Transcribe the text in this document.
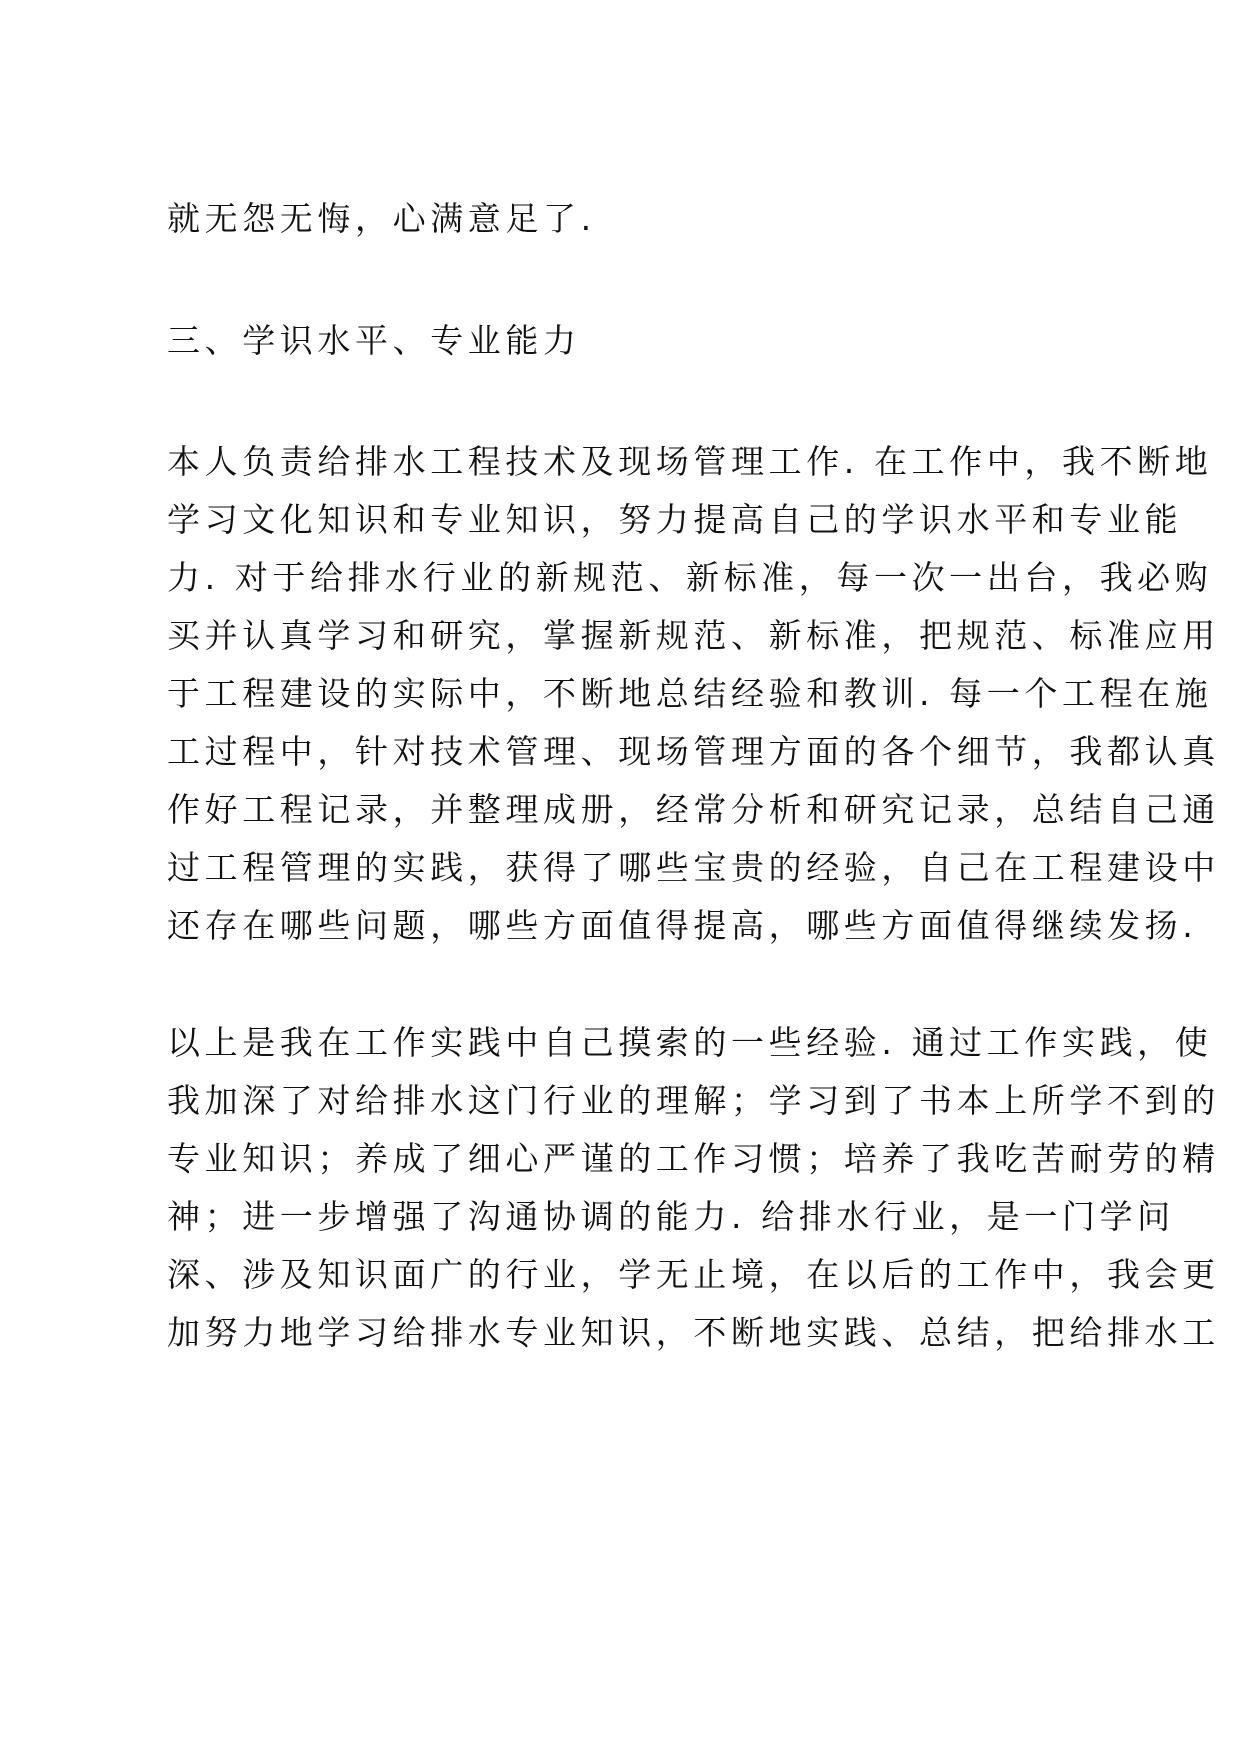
就无怨无悔，心满意足了.
三、学识水平、专业能力
本人负责给排水工程技术及现场管理工作. 在工作中，我不断地
学习文化知识和专业知识，努力提高自己的学识水平和专业能
力. 对于给排水行业的新规范、新标准，每一次一出台，我必购
买并认真学习和研究，掌握新规范、新标准，把规范、标准应用
于工程建设的实际中，不断地总结经验和教训. 每一个工程在施
工过程中，针对技术管理、现场管理方面的各个细节，我都认真
作好工程记录，并整理成册，经常分析和研究记录，总结自己通
过工程管理的实践，获得了哪些宝贵的经验，自己在工程建设中
还存在哪些问题，哪些方面值得提高，哪些方面值得继续发扬.
以上是我在工作实践中自己摸索的一些经验. 通过工作实践，使
我加深了对给排水这门行业的理解；学习到了书本上所学不到的
专业知识；养成了细心严谨的工作习惯；培养了我吃苦耐劳的精
神；进一步增强了沟通协调的能力. 给排水行业，是一门学问
深、涉及知识面广的行业，学无止境，在以后的工作中，我会更
加努力地学习给排水专业知识，不断地实践、总结，把给排水工
